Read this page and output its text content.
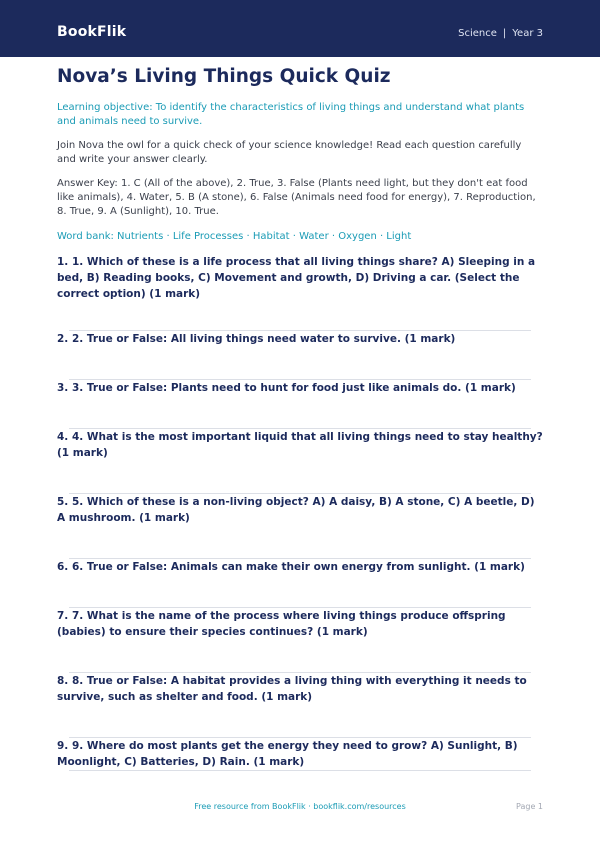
BookFlik	Science | Year 3
Nova’s Living Things Quick Quiz

Learning objective: To identify the characteristics of living things and understand what plants and animals need to survive.

Join Nova the owl for a quick check of your science knowledge! Read each question carefully and write your answer clearly.

Answer Key: 1. C (All of the above), 2. True, 3. False (Plants need light, but they don't eat food like animals), 4. Water, 5. B (A stone), 6. False (Animals need food for energy), 7. Reproduction, 8. True, 9. A (Sunlight), 10. True.

Word bank: Nutrients · Life Processes · Habitat · Water · Oxygen · Light

1. 1. Which of these is a life process that all living things share? A) Sleeping in a bed, B) Reading books, C) Movement and growth, D) Driving a car. (Select the correct option) (1 mark)
2. 2. True or False: All living things need water to survive. (1 mark)
3. 3. True or False: Plants need to hunt for food just like animals do. (1 mark)
4. 4. What is the most important liquid that all living things need to stay healthy? (1 mark)
5. 5. Which of these is a non-living object? A) A daisy, B) A stone, C) A beetle, D) A mushroom. (1 mark)
6. 6. True or False: Animals can make their own energy from sunlight. (1 mark)
7. 7. What is the name of the process where living things produce offspring (babies) to ensure their species continues? (1 mark)
8. 8. True or False: A habitat provides a living thing with everything it needs to survive, such as shelter and food. (1 mark)
9. 9. Where do most plants get the energy they need to grow? A) Sunlight, B) Moonlight, C) Batteries, D) Rain. (1 mark)
Free resource from BookFlik · bookflik.com/resources	Page 1
